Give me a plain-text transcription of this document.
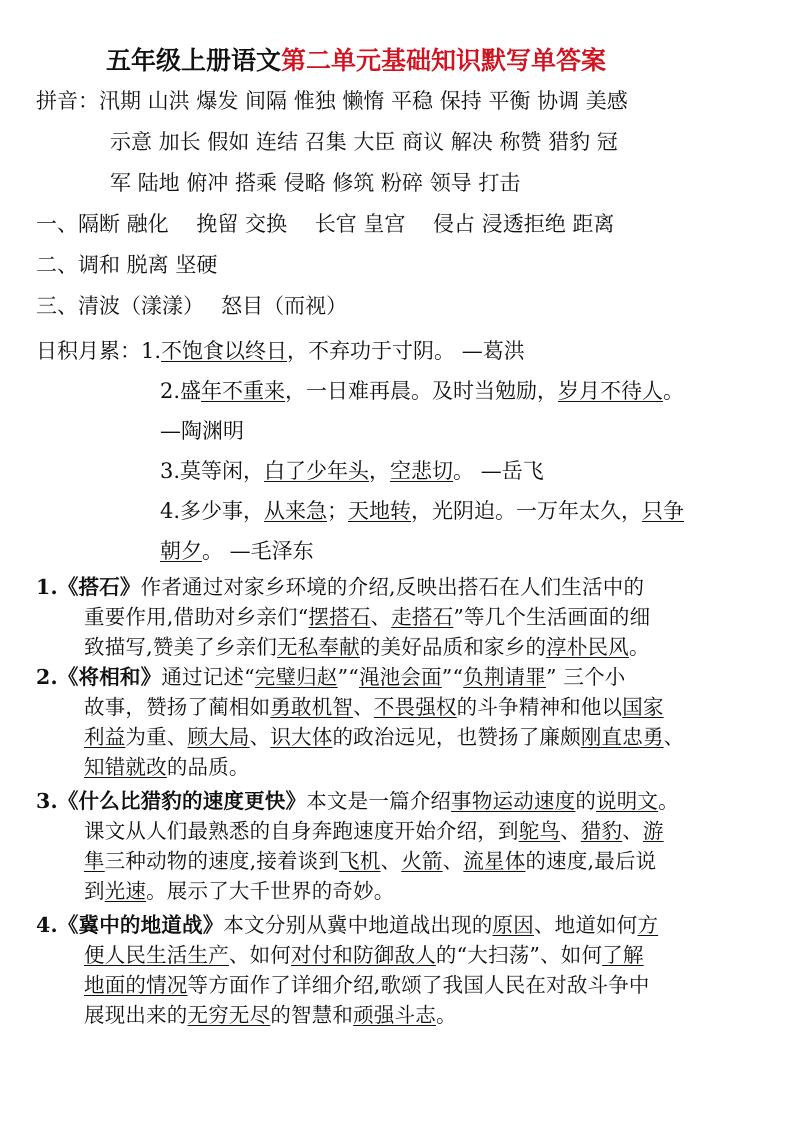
五年级上册语文第二单元基础知识默写单答案
拼音：汛期 山洪 爆发 间隔 惟独 懒惰 平稳 保持 平衡 协调 美感
示意 加长 假如 连结 召集 大臣 商议 解决 称赞 猎豹 冠
军 陆地 俯冲 搭乘 侵略 修筑 粉碎 领导 打击
一、隔断 融化　 挽留 交换　 长官 皇宫　 侵占 浸透拒绝 距离
二、调和 脱离 坚硬
三、清波（漾漾）　 怒目（而视）
日积月累：1.不饱食以终日，不弃功于寸阴。 —葛洪
2.盛年不重来，一日难再晨。及时当勉励，岁月不待人。
—陶渊明
3.莫等闲，白了少年头，空悲切。 —岳飞
4.多少事，从来急；天地转，光阴迫。一万年太久，只争
朝夕。 —毛泽东
1.《搭石》作者通过对家乡环境的介绍,反映出搭石在人们生活中的
重要作用,借助对乡亲们“摆搭石、走搭石”等几个生活画面的细
致描写,赞美了乡亲们无私奉献的美好品质和家乡的淳朴民风。
2.《将相和》通过记述“完璧归赵”“渑池会面”“负荆请罪” 三个小
故事，赞扬了蔺相如勇敢机智、不畏强权的斗争精神和他以国家
利益为重、顾大局、识大体的政治远见，也赞扬了廉颇刚直忠勇、
知错就改的品质。
3.《什么比猎豹的速度更快》本文是一篇介绍事物运动速度的说明文。
课文从人们最熟悉的自身奔跑速度开始介绍，到鸵鸟、猎豹、游
隼三种动物的速度,接着谈到飞机、火箭、流星体的速度,最后说
到光速。展示了大千世界的奇妙。
4.《冀中的地道战》本文分别从冀中地道战出现的原因、地道如何方
便人民生活生产、如何对付和防御敌人的“大扫荡”、如何了解
地面的情况等方面作了详细介绍,歌颂了我国人民在对敌斗争中
展现出来的无穷无尽的智慧和顽强斗志。
